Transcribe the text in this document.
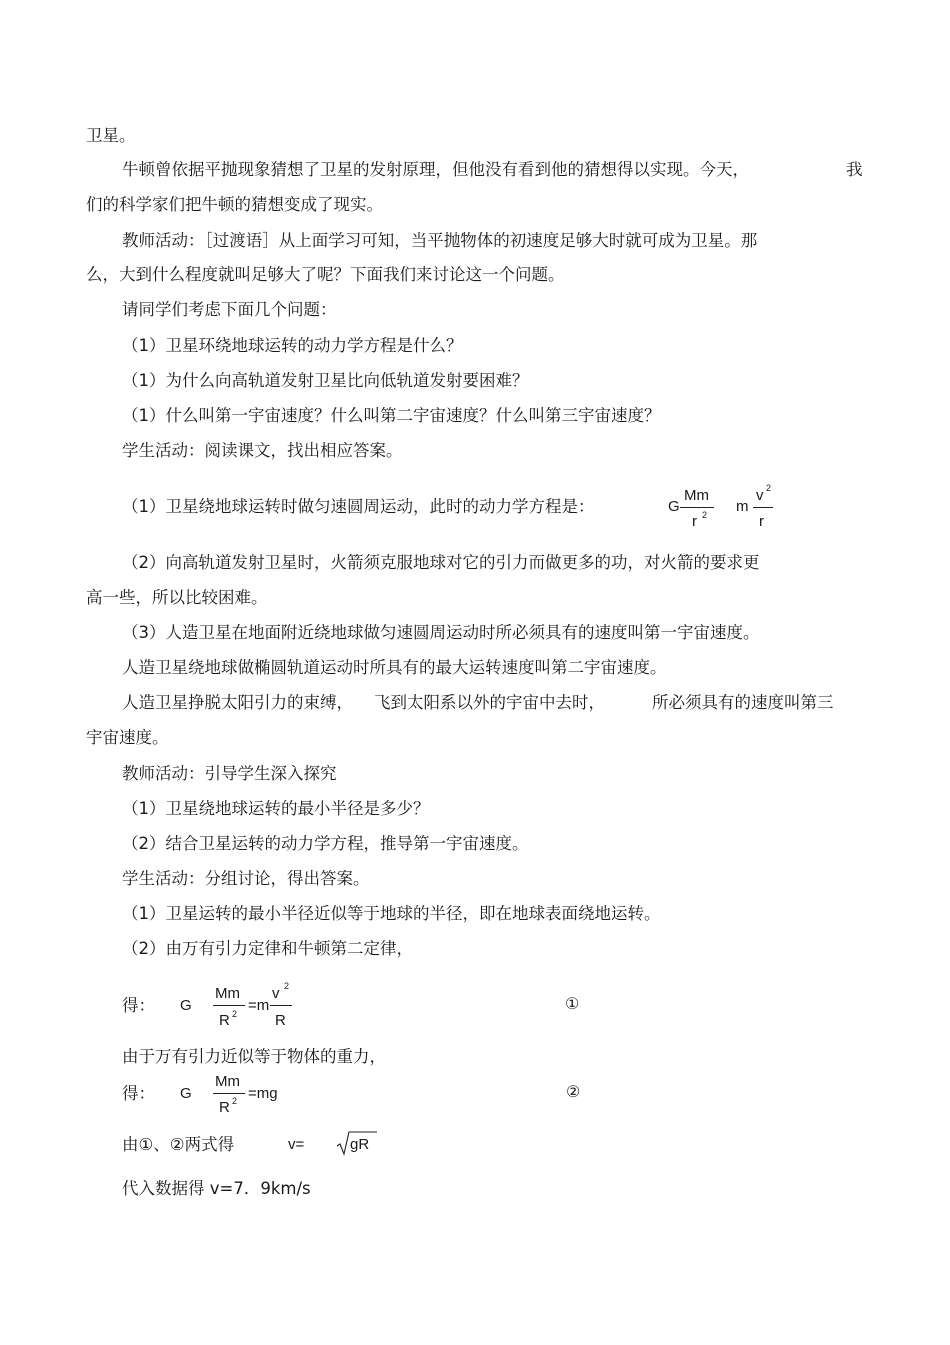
卫星。
牛顿曾依据平抛现象猜想了卫星的发射原理，但他没有看到他的猜想得以实现。今天，	我
们的科学家们把牛顿的猜想变成了现实。
教师活动：［过渡语］从上面学习可知，当平抛物体的初速度足够大时就可成为卫星。那
么，大到什么程度就叫足够大了呢？下面我们来讨论这一个问题。
请同学们考虑下面几个问题：
（1）卫星环绕地球运转的动力学方程是什么？
（1）为什么向高轨道发射卫星比向低轨道发射要困难？
（1）什么叫第一宇宙速度？什么叫第二宇宙速度？什么叫第三宇宙速度？
学生活动：阅读课文，找出相应答案。
（1）卫星绕地球运转时做匀速圆周运动，此时的动力学方程是：	G
Mm
r 2 m
v 2
r
（2）向高轨道发射卫星时，火箭须克服地球对它的引力而做更多的功，对火箭的要求更
高一些，所以比较困难。
（3）人造卫星在地面附近绕地球做匀速圆周运动时所必须具有的速度叫第一宇宙速度。
人造卫星绕地球做椭圆轨道运动时所具有的最大运转速度叫第二宇宙速度。
人造卫星挣脱太阳引力的束缚， 飞到太阳系以外的宇宙中去时，	所必须具有的速度叫第三
宇宙速度。
教师活动：引导学生深入探究
（1）卫星绕地球运转的最小半径是多少？
（2）结合卫星运转的动力学方程，推导第一宇宙速度。
学生活动：分组讨论，得出答案。
（1）卫星运转的最小半径近似等于地球的半径，即在地球表面绕地运转。
（2）由万有引力定律和牛顿第二定律，
得： G
Mm
R 2 =m
v 2
R
①
由于万有引力近似等于物体的重力，
得： G
Mm
R 2 =mg	②
由①、②两式得	v=	gR
代入数据得 v=7．9km/s
